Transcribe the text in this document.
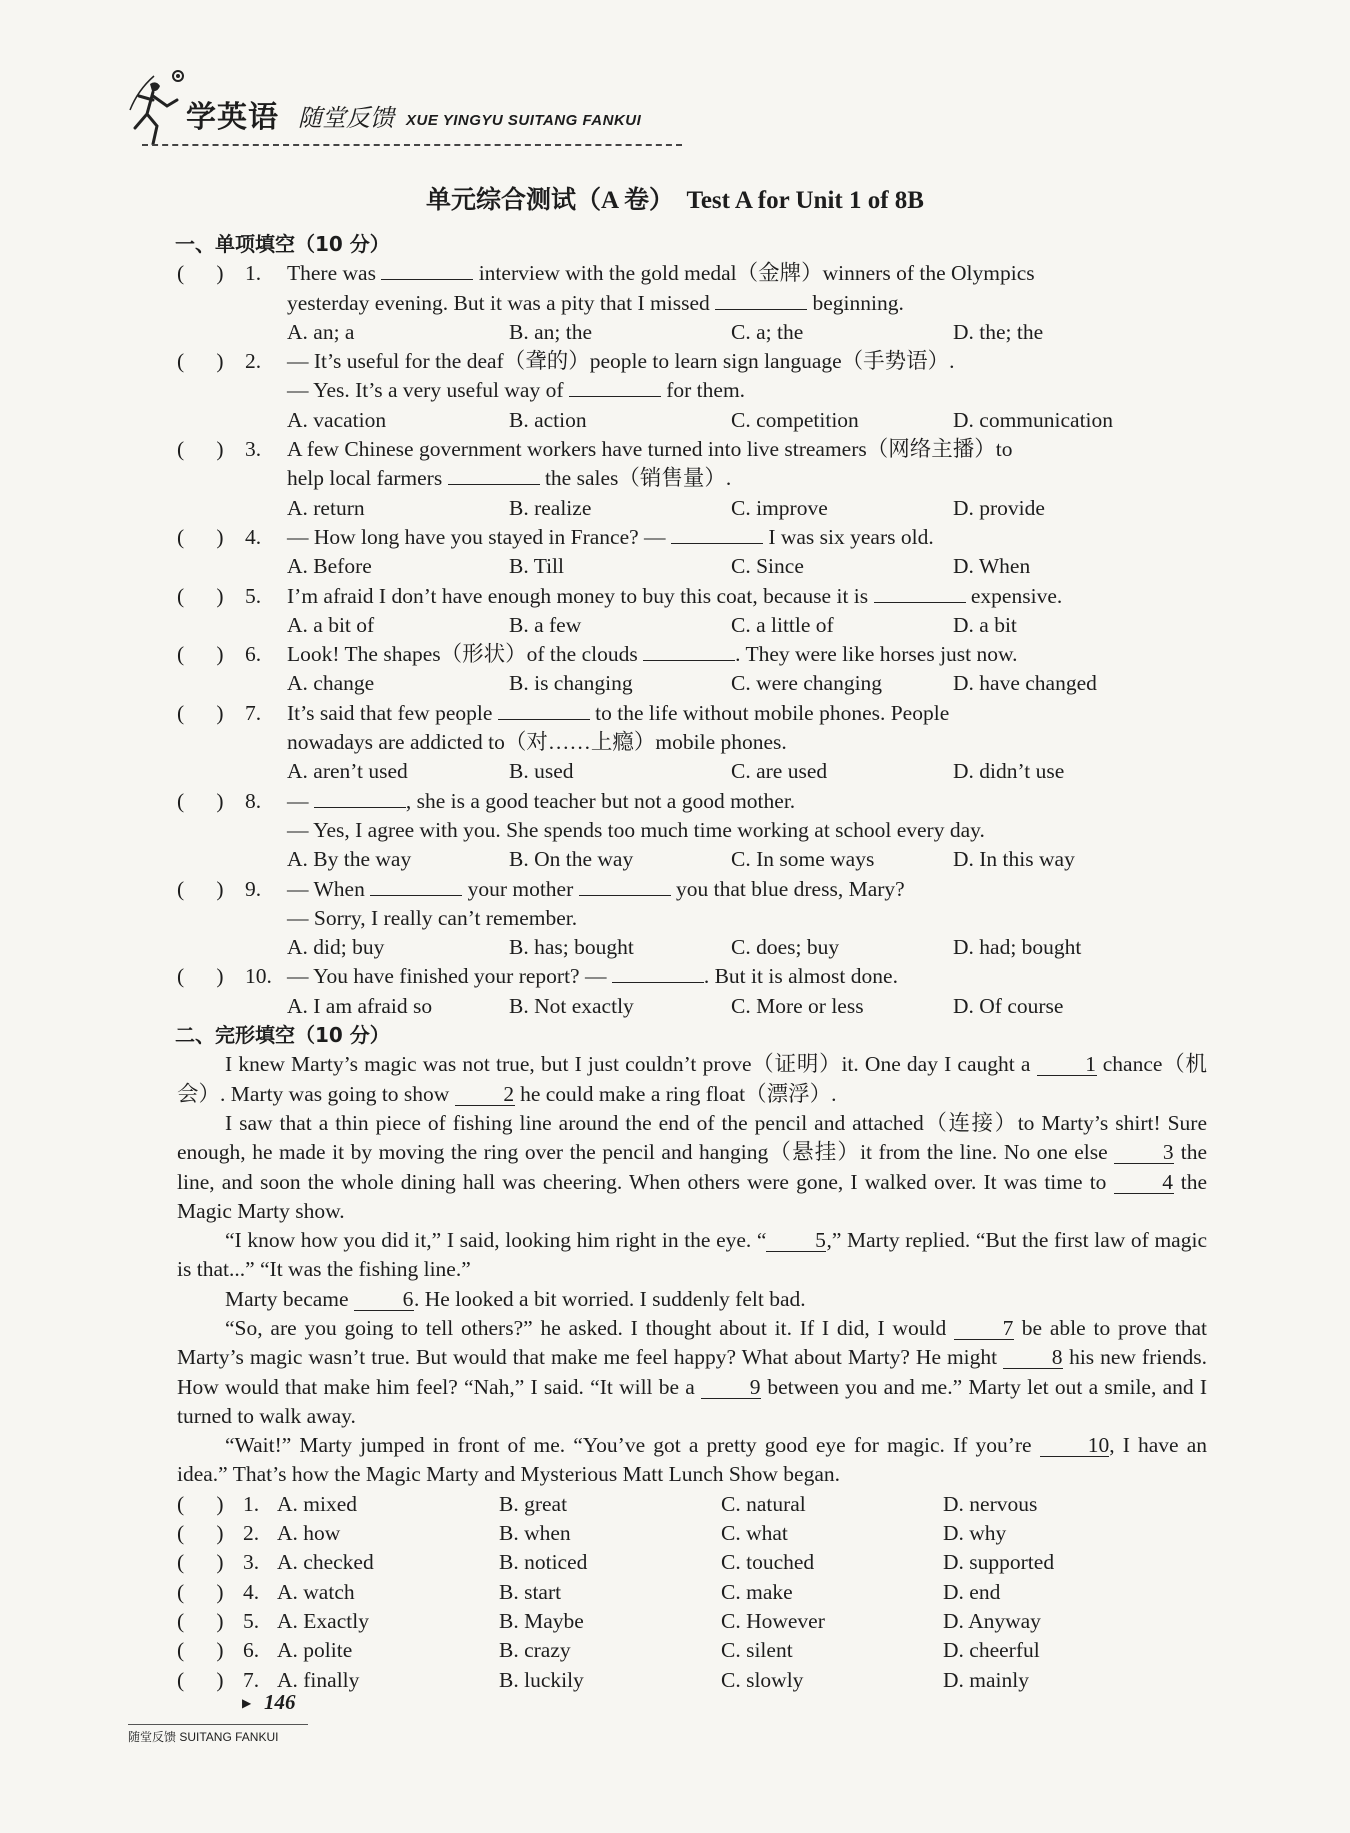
学英语 随堂反馈 XUE YINGYU SUITANG FANKUI
单元综合测试（A 卷）　Test A for Unit 1 of 8B
一、单项填空（10 分）
(      ) 1. There was	interview with the gold medal（金牌）winners of the Olympics
yesterday evening. But it was a pity that I missed	beginning.
A. an; a	B. an; the	C. a; the	D. the; the
(      ) 2. — It’s useful for the deaf（聋的）people to learn sign language（手势语）.
— Yes. It’s a very useful way of	for them.
A. vacation	B. action	C. competition	D. communication
(      ) 3. A few Chinese government workers have turned into live streamers（网络主播）to
help local farmers	the sales（销售量）.
A. return	B. realize	C. improve	D. provide
(      ) 4. — How long have you stayed in France? —	I was six years old.
A. Before	B. Till	C. Since	D. When
(      ) 5. I’m afraid I don’t have enough money to buy this coat, because it is	expensive.
A. a bit of	B. a few	C. a little of	D. a bit
(      ) 6. Look! The shapes（形状）of the clouds	. They were like horses just now.
A. change	B. is changing	C. were changing	D. have changed
(      ) 7. It’s said that few people	to the life without mobile phones. People
nowadays are addicted to（对……上瘾）mobile phones.
A. aren’t used	B. used	C. are used	D. didn’t use
(      ) 8. —	, she is a good teacher but not a good mother.
— Yes, I agree with you. She spends too much time working at school every day.
A. By the way	B. On the way	C. In some ways	D. In this way
(      ) 9. — When	your mother	you that blue dress, Mary?
— Sorry, I really can’t remember.
A. did; buy	B. has; bought	C. does; buy	D. had; bought
(      ) 10. — You have finished your report? —	. But it is almost done.
A. I am afraid so	B. Not exactly	C. More or less	D. Of course
二、完形填空（10 分）
I knew Marty’s magic was not true, but I just couldn’t prove（证明）it. One day I caught a 1 chance（机会）. Marty was going to show 2 he could make a ring float（漂浮）.
I saw that a thin piece of fishing line around the end of the pencil and attached（连接）to Marty’s shirt! Sure enough, he made it by moving the ring over the pencil and hanging（悬挂）it from the line. No one else 3 the line, and soon the whole dining hall was cheering. When others were gone, I walked over. It was time to 4 the Magic Marty show.
“I know how you did it,” I said, looking him right in the eye. “ 5,” Marty replied. “But the first law of magic is that...” “It was the fishing line.”
Marty became 6. He looked a bit worried. I suddenly felt bad.
“So, are you going to tell others?” he asked. I thought about it. If I did, I would 7 be able to prove that Marty’s magic wasn’t true. But would that make me feel happy? What about Marty? He might 8 his new friends. How would that make him feel? “Nah,” I said. “It will be a 9 between you and me.” Marty let out a smile, and I turned to walk away.
“Wait!” Marty jumped in front of me. “You’ve got a pretty good eye for magic. If you’re 10, I have an idea.” That’s how the Magic Marty and Mysterious Matt Lunch Show began.
(      ) 1. A. mixed	B. great	C. natural	D. nervous
(      ) 2. A. how	B. when	C. what	D. why
(      ) 3. A. checked	B. noticed	C. touched	D. supported
(      ) 4. A. watch	B. start	C. make	D. end
(      ) 5. A. Exactly	B. Maybe	C. However	D. Anyway
(      ) 6. A. polite	B. crazy	C. silent	D. cheerful
(      ) 7. A. finally	B. luckily	C. slowly	D. mainly
▶ 146
随堂反馈 SUITANG FANKUI
